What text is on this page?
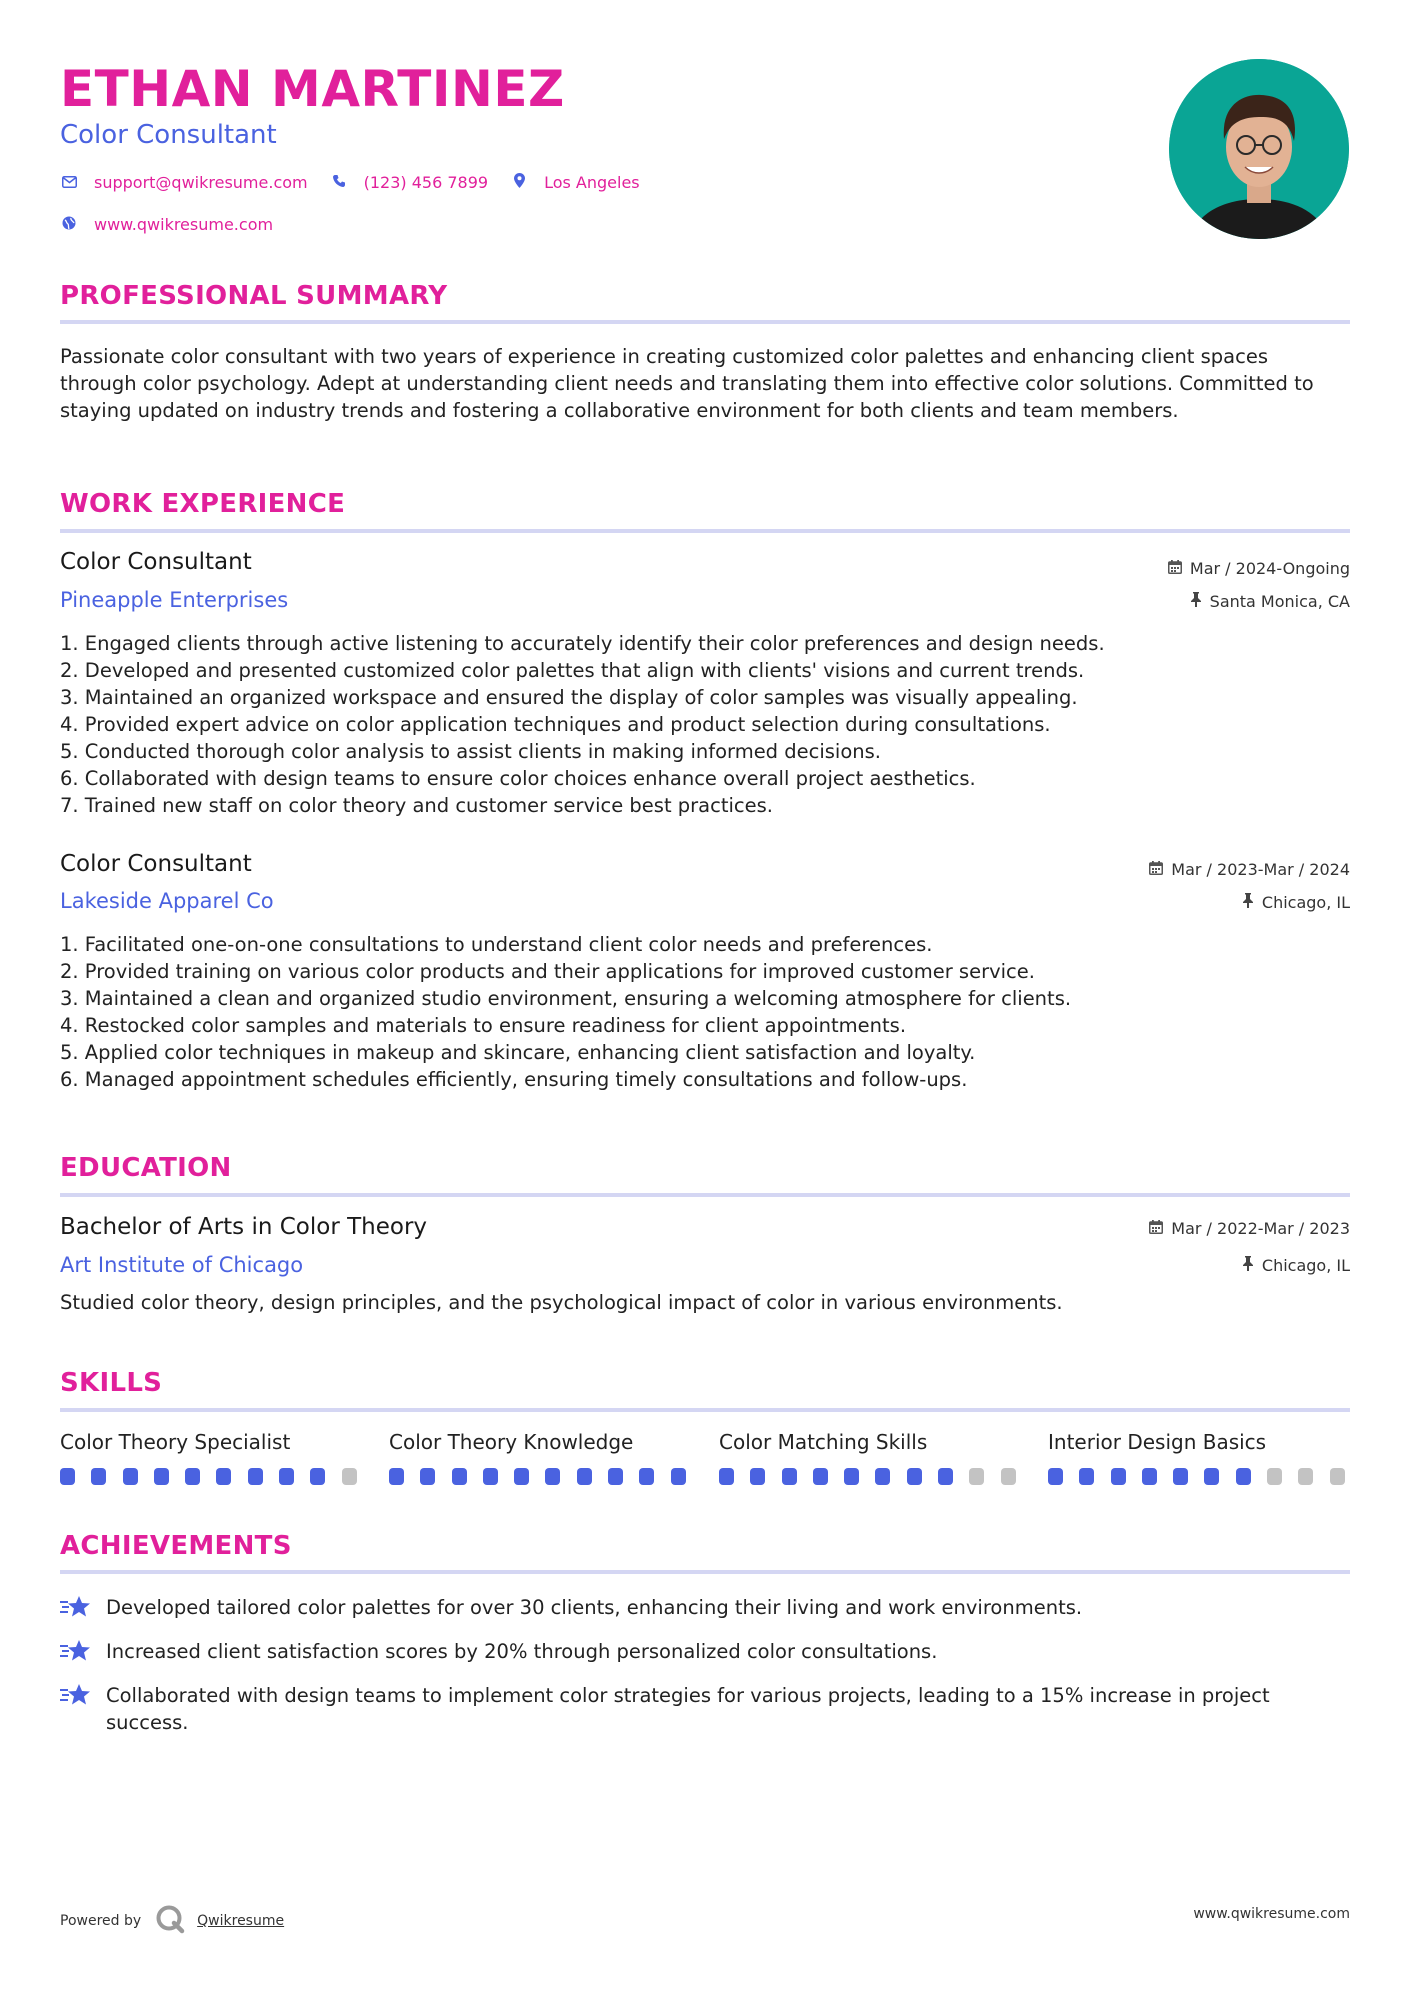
ETHAN MARTINEZ
Color Consultant
support@qwikresume.com	(123) 456 7899	Los Angeles
www.qwikresume.com
PROFESSIONAL SUMMARY
Passionate color consultant with two years of experience in creating customized color palettes and enhancing client spaces through color psychology. Adept at understanding client needs and translating them into effective color solutions. Committed to staying updated on industry trends and fostering a collaborative environment for both clients and team members.
WORK EXPERIENCE
Color Consultant
Pineapple Enterprises
Mar / 2024-Ongoing
Santa Monica, CA
1. Engaged clients through active listening to accurately identify their color preferences and design needs.
2. Developed and presented customized color palettes that align with clients' visions and current trends.
3. Maintained an organized workspace and ensured the display of color samples was visually appealing.
4. Provided expert advice on color application techniques and product selection during consultations.
5. Conducted thorough color analysis to assist clients in making informed decisions.
6. Collaborated with design teams to ensure color choices enhance overall project aesthetics.
7. Trained new staff on color theory and customer service best practices.
Color Consultant
Lakeside Apparel Co
Mar / 2023-Mar / 2024
Chicago, IL
1. Facilitated one-on-one consultations to understand client color needs and preferences.
2. Provided training on various color products and their applications for improved customer service.
3. Maintained a clean and organized studio environment, ensuring a welcoming atmosphere for clients.
4. Restocked color samples and materials to ensure readiness for client appointments.
5. Applied color techniques in makeup and skincare, enhancing client satisfaction and loyalty.
6. Managed appointment schedules efficiently, ensuring timely consultations and follow-ups.
EDUCATION
Bachelor of Arts in Color Theory
Art Institute of Chicago
Mar / 2022-Mar / 2023
Chicago, IL
Studied color theory, design principles, and the psychological impact of color in various environments.
SKILLS
Color Theory Specialist	Color Theory Knowledge	Color Matching Skills	Interior Design Basics
ACHIEVEMENTS
Developed tailored color palettes for over 30 clients, enhancing their living and work environments.
Increased client satisfaction scores by 20% through personalized color consultations.
Collaborated with design teams to implement color strategies for various projects, leading to a 15% increase in project success.
Powered by	Qwikresume	www.qwikresume.com
